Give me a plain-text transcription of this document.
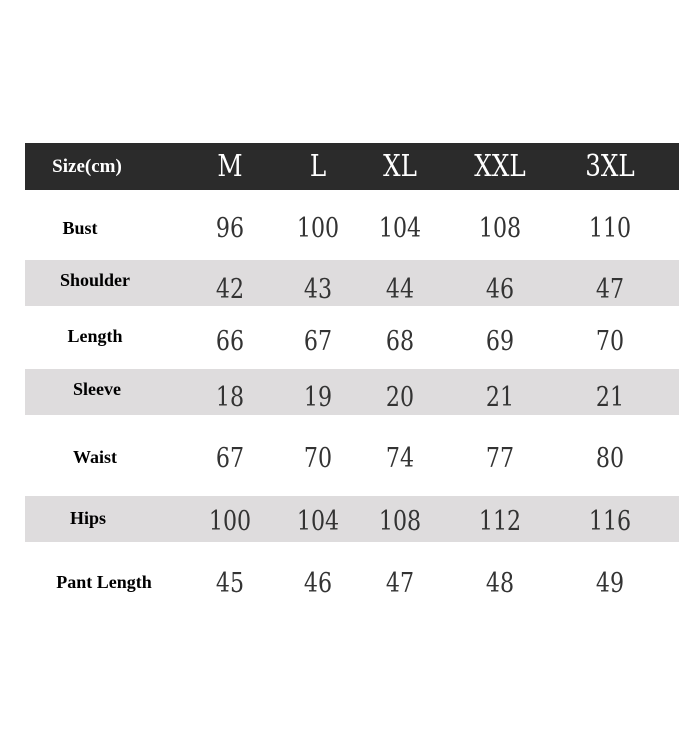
Size(cm)	M	L	XL	XXL	3XL
Bust	96	100	104	108	110
Shoulder	42	43	44	46	47
Length	66	67	68	69	70
Sleeve	18	19	20	21	21
Waist	67	70	74	77	80
Hips	100	104	108	112	116
Pant Length	45	46	47	48	49
